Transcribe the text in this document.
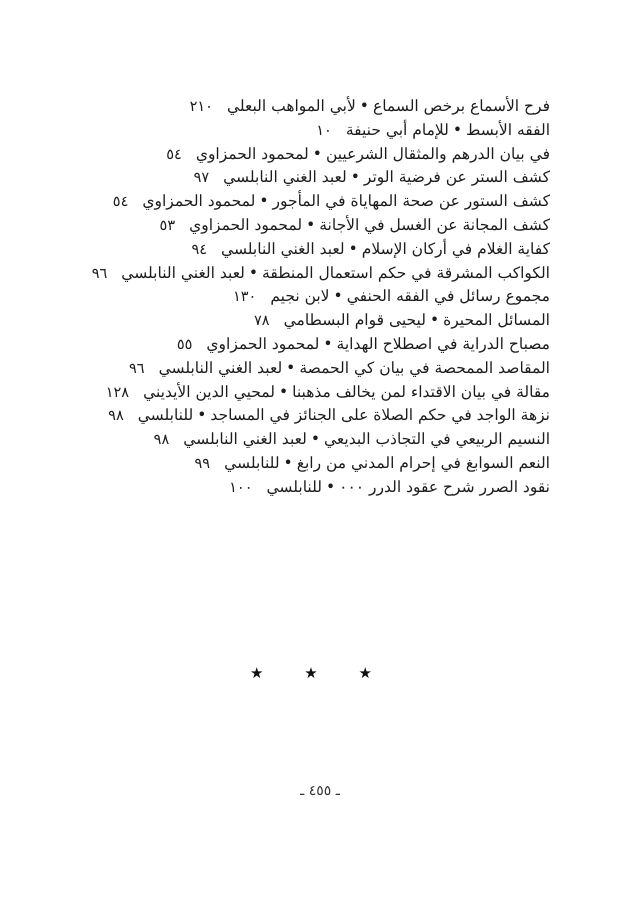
فرح الأسماع برخص السماع•لأبي المواهب البعلي٢١٠
الفقه الأبسط•للإمام أبي حنيفة١٠
في بيان الدرهم والمثقال الشرعيين•لمحمود الحمزاوي٥٤
كشف الستر عن فرضية الوتر•لعبد الغني النابلسي٩٧
كشف الستور عن صحة المهاياة في المأجور•لمحمود الحمزاوي٥٤
كشف المجانة عن الغسل في الأجانة•لمحمود الحمزاوي٥٣
كفاية الغلام في أركان الإسلام•لعبد الغني النابلسي٩٤
الكواكب المشرقة في حكم استعمال المنطقة•لعبد الغني النابلسي٩٦
مجموع رسائل في الفقه الحنفي•لابن نجيم١٣٠
المسائل المحيرة•ليحيى قوام البسطامي٧٨
مصباح الدراية في اصطلاح الهداية•لمحمود الحمزاوي٥٥
المقاصد الممحصة في بيان كي الحمصة•لعبد الغني النابلسي٩٦
مقالة في بيان الاقتداء لمن يخالف مذهبنا•لمحيي الدين الأيديني١٢٨
نزهة الواجد في حكم الصلاة على الجنائز في المساجد•للنابلسي٩٨
النسيم الربيعي في التجاذب البديعي•لعبد الغني النابلسي٩٨
النعم السوابغ في إحرام المدني من رابغ•للنابلسي٩٩
نقود الصرر شرح عقود الدرر ٠٠٠•للنابلسي١٠٠
★ ★ ★
ـ ٤٥٥ ـ
